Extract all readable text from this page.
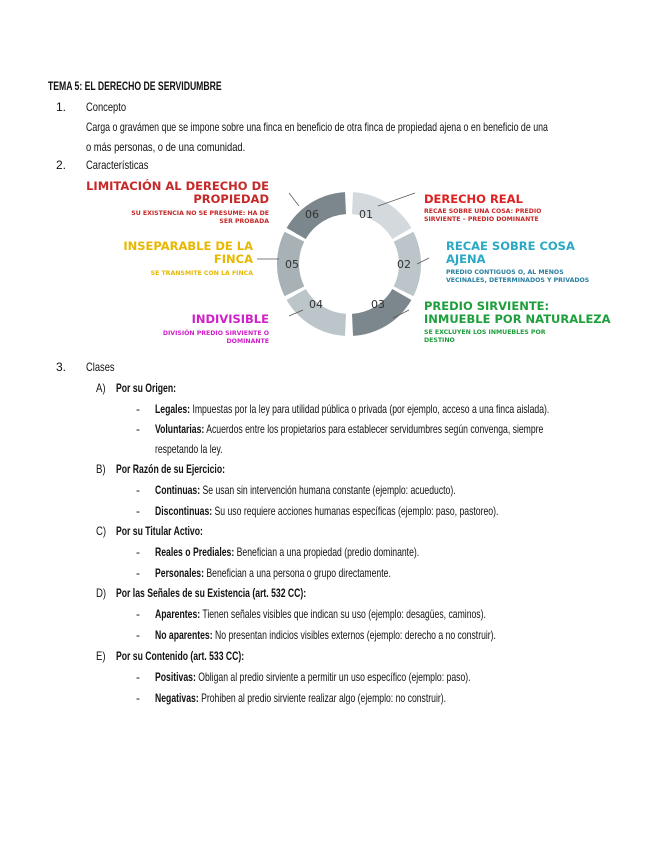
TEMA 5: EL DERECHO DE SERVIDUMBRE
1. Concepto
Carga o gravámen que se impone sobre una finca en beneficio de otra finca de propiedad ajena o en beneficio de una
o más personas, o de una comunidad.
2. Características
01
02
03
04
05
06
DERECHO REAL
RECAE SOBRE UNA COSA: PREDIO
SIRVIENTE – PREDIO DOMINANTE
RECAE SOBRE COSA
AJENA
PREDIO CONTIGUOS O, AL MENOS
VECINALES, DETERMINADOS Y PRIVADOS
PREDIO SIRVIENTE:
INMUEBLE POR NATURALEZA
SE EXCLUYEN LOS INMUEBLES POR
DESTINO
LIMITACIÓN AL DERECHO DE
PROPIEDAD
SU EXISTENCIA NO SE PRESUME: HA DE
SER PROBADA
INSEPARABLE DE LA
FINCA
SE TRANSMITE CON LA FINCA
INDIVISIBLE
DIVISIÓN PREDIO SIRVIENTE O
DOMINANTE
3. Clases
A) Por su Origen:
- Legales: Impuestas por la ley para utilidad pública o privada (por ejemplo, acceso a una finca aislada).
- Voluntarias: Acuerdos entre los propietarios para establecer servidumbres según convenga, siempre
respetando la ley.
B) Por Razón de su Ejercicio:
- Continuas: Se usan sin intervención humana constante (ejemplo: acueducto).
- Discontinuas: Su uso requiere acciones humanas específicas (ejemplo: paso, pastoreo).
C) Por su Titular Activo:
- Reales o Prediales: Benefician a una propiedad (predio dominante).
- Personales: Benefician a una persona o grupo directamente.
D) Por las Señales de su Existencia (art. 532 CC):
- Aparentes: Tienen señales visibles que indican su uso (ejemplo: desagües, caminos).
- No aparentes: No presentan indicios visibles externos (ejemplo: derecho a no construir).
E) Por su Contenido (art. 533 CC):
- Positivas: Obligan al predio sirviente a permitir un uso específico (ejemplo: paso).
- Negativas: Prohiben al predio sirviente realizar algo (ejemplo: no construir).
